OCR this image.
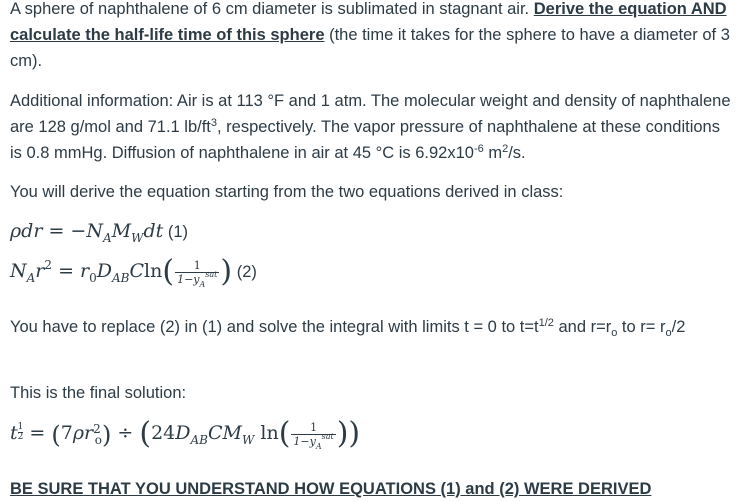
A sphere of naphthalene of 6 cm diameter is sublimated in stagnant air. Derive the equation AND calculate the half-life time of this sphere (the time it takes for the sphere to have a diameter of 3 cm).

Additional information: Air is at 113 °F and 1 atm. The molecular weight and density of naphthalene are 128 g/mol and 71.1 $lb/ft^3$, respectively. The vapor pressure of naphthalene at these conditions is 0.8 mmHg. Diffusion of naphthalene in air at 45 °C is $6.92x10^{-6}$ $m^2/s$.

You will derive the equation starting from the two equations derived in class:

$\rho dr = -N_AM_Wdt$ (1)
$N_Ar^2 = r_0D_{AB}Cln( \frac{1}{1-y_A^{sat}}$ ) (2)

You have to replace (2) in (1) and solve the integral with limits t = 0 to $t=t^{1/2}$ and $r=r_o$ to $r= r_o/2$

This is the final solution:

t $\frac{1}{2} = (7\rho r^2_o) \div (24D_{AB}CM_W$ $\ln( \frac{1}{1-y_A^{sat}}$ ))

BE SURE THAT YOU UNDERSTAND HOW EQUATIONS (1) and (2) WERE DERIVED
